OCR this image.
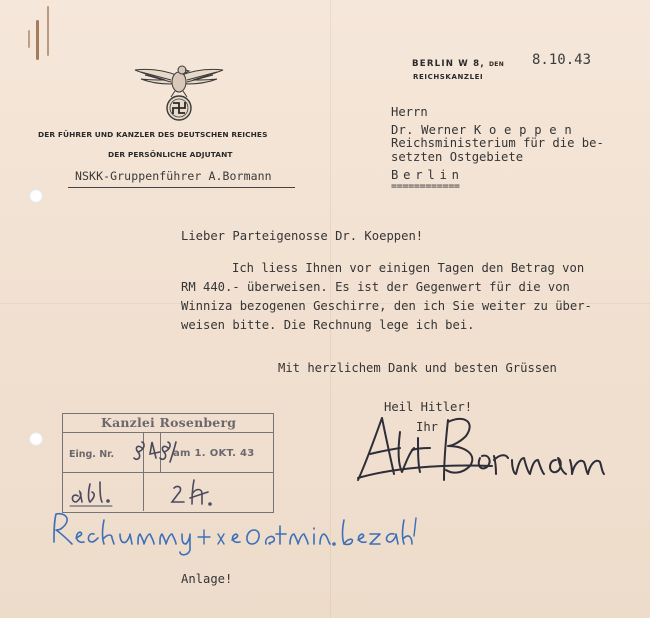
DER FÜHRER UND KANZLER DES DEUTSCHEN REICHES
DER PERSÖNLICHE ADJUTANT
NSKK-Gruppenführer A.Bormann
BERLIN W 8, DEN
REICHSKANZLEI
8.10.43
Herrn
Dr. Werner K o e p p e n
Reichsministerium für die be-
setzten Ostgebiete
Berlin
============
Lieber Parteigenosse Dr. Koeppen!
Ich liess Ihnen vor einigen Tagen den Betrag von
RM 440.- überweisen. Es ist der Gegenwert für die von
Winniza bezogenen Geschirre, den ich Sie weiter zu über-
weisen bitte. Die Rechnung lege ich bei.
Mit herzlichem Dank und besten Grüssen
Heil Hitler!
Ihr
Kanzlei Rosenberg
Eing. Nr.	am 1. OKT. 43
Anlage!
